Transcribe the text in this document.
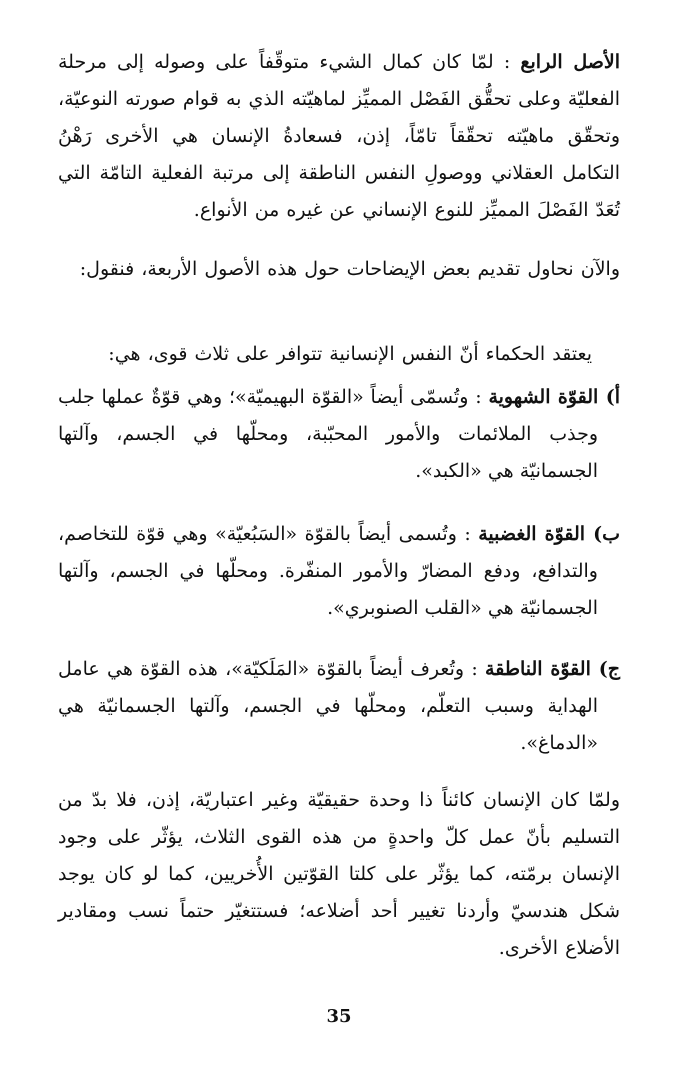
الأصل الرابع : لمّا كان كمال الشيء متوقّفاً على وصوله إلى مرحلة الفعليّة وعلى تحقُّق الفَصْل المميِّز لماهيّته الذي به قوام صورته النوعيّة، وتحقّق ماهيّته تحقّقاً تامّاً، إذن، فسعادةُ الإنسان هي الأخرى رَهْنُ التكامل العقلاني ووصولِ النفس الناطقة إلى مرتبة الفعلية التامّة التي تُعَدّ الفَصْلَ المميِّز للنوع الإنساني عن غيره من الأنواع.
والآن نحاول تقديم بعض الإيضاحات حول هذه الأصول الأربعة، فنقول:
يعتقد الحكماء أنّ النفس الإنسانية تتوافر على ثلاث قوى، هي:
أ) القوّة الشهوية : وتُسمّى أيضاً «القوّة البهيميّة»؛ وهي قوّةٌ عملها جلب وجذب الملائمات والأمور المحبّبة، ومحلّها في الجسم، وآلتها الجسمانيّة هي «الكبد».
ب) القوّة الغضبية : وتُسمى أيضاً بالقوّة «السَبُعيّة» وهي قوّة للتخاصم، والتدافع، ودفع المضارّ والأمور المنفّرة. ومحلّها في الجسم، وآلتها الجسمانيّة هي «القلب الصنوبري».
ج) القوّة الناطقة : وتُعرف أيضاً بالقوّة «المَلَكيّة»، هذه القوّة هي عامل الهداية وسبب التعلّم، ومحلّها في الجسم، وآلتها الجسمانيّة هي «الدماغ».
ولمّا كان الإنسان كائناً ذا وحدة حقيقيّة وغير اعتباريّة، إذن، فلا بدّ من التسليم بأنّ عمل كلّ واحدةٍ من هذه القوى الثلاث، يؤثّر على وجود الإنسان برمّته، كما يؤثّر على كلتا القوّتين الأُخريين، كما لو كان يوجد شكل هندسيّ وأردنا تغيير أحد أضلاعه؛ فستتغيّر حتماً نسب ومقادير الأضلاع الأخرى.
35
